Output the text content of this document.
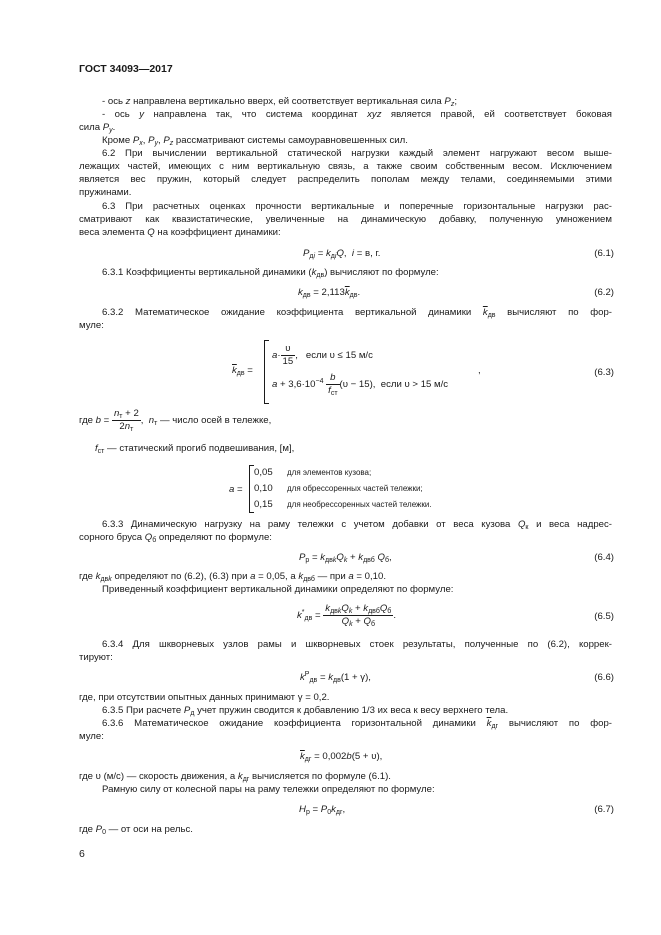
ГОСТ 34093—2017
- ось z направлена вертикально вверх, ей соответствует вертикальная сила $P_z$;
- ось y направлена так, что система координат xyz является правой, ей соответствует боковая
сила $P_y$.
Кроме $P_x$, $P_y$, $P_z$ рассматривают системы самоуравновешенных сил.
6.2 При вычислении вертикальной статической нагрузки каждый элемент нагружают весом выше-
лежащих частей, имеющих с ним вертикальную связь, а также своим собственным весом. Исключением
является вес пружин, который следует распределить пополам между телами, соединяемыми этими
пружинами.
6.3 При расчетных оценках прочности вертикальные и поперечные горизонтальные нагрузки рас-
сматривают как квазистатические, увеличенные на динамическую добавку, полученную умножением
веса элемента Q на коэффициент динамики:
$P_{дi} = k_{дi}Q$,  i = в, г.	(6.1)
6.3.1 Коэффициенты вертикальной динамики $(k_{дв})$ вычисляют по формуле:
$k_{дв} = 2,113\overline{k}_{дв}$.	(6.2)
6.3.2 Математическое ожидание коэффициента вертикальной динамики $\overline{k}_{дв}$ вычисляют по фор-
муле:
$\overline{k}_{дв}$ =
$a\cdot \frac{\upsilon}{15}$ ,   если υ ≤ 15 м/с
$a + 3,6\cdot 10^{-4} \frac{b}{f_{ст}} (\upsilon - 15)$,  если υ > 15 м/с
,	(6.3)
где $b = \frac{n_т + 2}{2n_т}$ ,  $n_т$ — число осей в тележке,
$f_{ст}$ — статический прогиб подвешивания, [м],
a =
0,05 для элементов кузова;
0,10 для обрессоренных частей тележки;
0,15 для необрессоренных частей тележки.
6.3.3 Динамическую нагрузку на раму тележки с учетом добавки от веса кузова $Q_к$ и веса надрес-
сорного бруса $Q_б$ определяют по формуле:
$P_р = k_{двk}Q_k + k_{двб}$ $Q_б$,	(6.4)
где $k_{двk}$ определяют по (6.2), (6.3) при a = 0,05, а $k_{двб}$ — при a = 0,10.
Приведенный коэффициент вертикальной динамики определяют по формуле:
$k^*_{дв} = \frac{k_{двk}Q_k + k_{двб}Q_б}{Q_k + Q_б}$ .	(6.5)
6.3.4 Для шкворневых узлов рамы и шкворневых стоек результаты, полученные по (6.2), коррек-
тируют:
$k^Р_{дв} = k_{дв}(1 + \gamma)$,	(6.6)
где, при отсутствии опытных данных принимают γ = 0,2.
6.3.5 При расчете $P_д$ учет пружин сводится к добавлению 1/3 их веса к весу верхнего тела.
6.3.6 Математическое ожидание коэффициента горизонтальной динамики $\overline{k}_{дг}$ вычисляют по фор-
муле:
$\overline{k}_{дг} = 0,002b(5 + \upsilon)$,
где υ (м/с) — скорость движения, а $k_{дг}$ вычисляется по формуле (6.1).
Рамную силу от колесной пары на раму тележки определяют по формуле:
$H_р = P_0k_{дг}$,	(6.7)
где $P_0$ — от оси на рельс.
6
